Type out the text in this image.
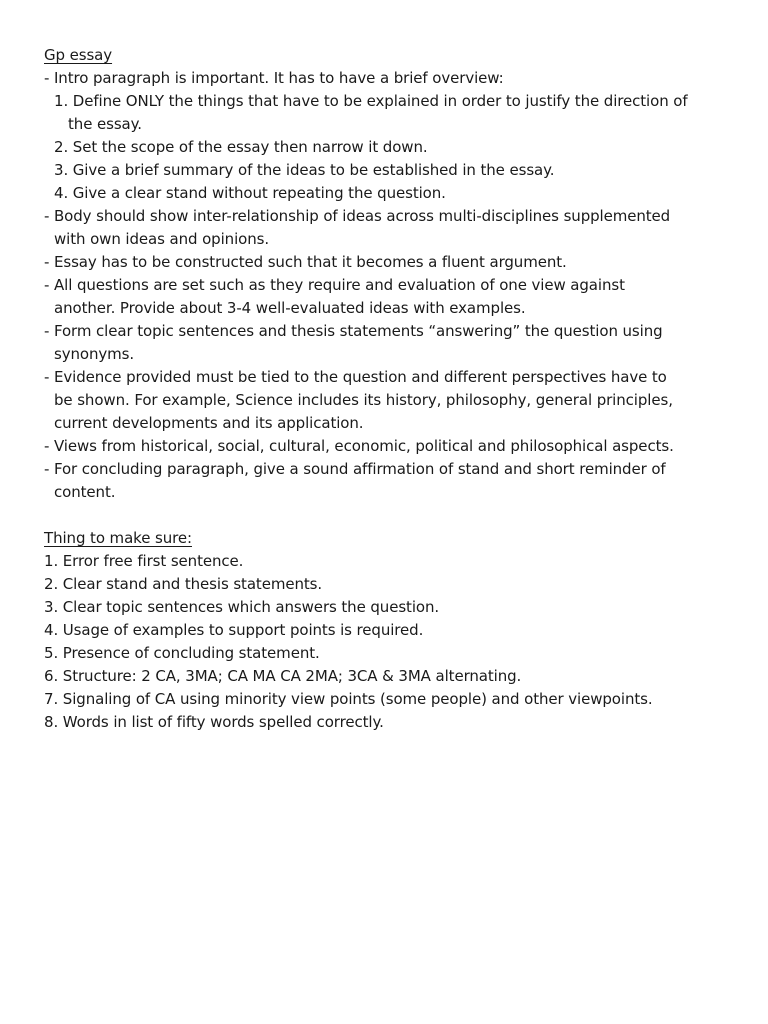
Gp essay
- Intro paragraph is important. It has to have a brief overview:
1. Define ONLY the things that have to be explained in order to justify the direction of
the essay.
2. Set the scope of the essay then narrow it down.
3. Give a brief summary of the ideas to be established in the essay.
4. Give a clear stand without repeating the question.
- Body should show inter-relationship of ideas across multi-disciplines supplemented
with own ideas and opinions.
- Essay has to be constructed such that it becomes a fluent argument.
- All questions are set such as they require and evaluation of one view against
another. Provide about 3-4 well-evaluated ideas with examples.
- Form clear topic sentences and thesis statements “answering” the question using
synonyms.
- Evidence provided must be tied to the question and different perspectives have to
be shown. For example, Science includes its history, philosophy, general principles,
current developments and its application.
- Views from historical, social, cultural, economic, political and philosophical aspects.
- For concluding paragraph, give a sound affirmation of stand and short reminder of
content.
Thing to make sure:
1. Error free first sentence.
2. Clear stand and thesis statements.
3. Clear topic sentences which answers the question.
4. Usage of examples to support points is required.
5. Presence of concluding statement.
6. Structure: 2 CA, 3MA; CA MA CA 2MA; 3CA & 3MA alternating.
7. Signaling of CA using minority view points (some people) and other viewpoints.
8. Words in list of fifty words spelled correctly.
